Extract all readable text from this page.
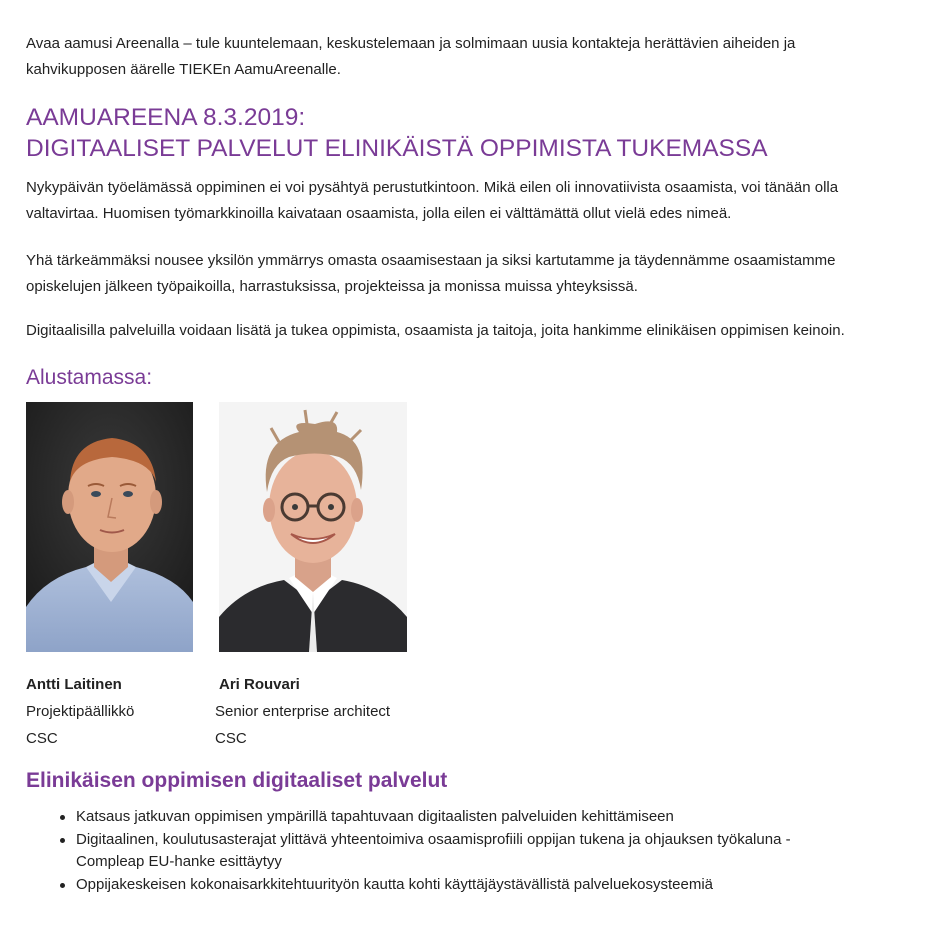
Avaa aamusi Areenalla – tule kuuntelemaan, keskustelemaan ja solmimaan uusia kontakteja herättävien aiheiden ja
kahvikupposen äärelle TIEKEn AamuAreenalle.

AAMUAREENA 8.3.2019:
DIGITAALISET PALVELUT ELINIKÄISTÄ OPPIMISTA TUKEMASSA

Nykypäivän työelämässä oppiminen ei voi pysähtyä perustutkintoon. Mikä eilen oli innovatiivista osaamista, voi tänään olla
valtavirtaa. Huomisen työmarkkinoilla kaivataan osaamista, jolla eilen ei välttämättä ollut vielä edes nimeä.

Yhä tärkeämmäksi nousee yksilön ymmärrys omasta osaamisestaan ja siksi kartutamme ja täydennämme osaamistamme
opiskelujen jälkeen työpaikoilla, harrastuksissa, projekteissa ja monissa muissa yhteyksissä.

Digitaalisilla palveluilla voidaan lisätä ja tukea oppimista, osaamista ja taitoja, joita hankimme elinikäisen oppimisen keinoin.

Alustamassa:

Antti Laitinen

Projektipäällikkö

CSC

Ari Rouvari

Senior enterprise architect

CSC

Elinikäisen oppimisen digitaaliset palvelut
Katsaus jatkuvan oppimisen ympärillä tapahtuvaan digitaalisten palveluiden kehittämiseen
Digitaalinen, koulutusasterajat ylittävä yhteentoimiva osaamisprofiili oppijan tukena ja ohjauksen työkaluna -
Compleap EU-hanke esittäytyy
Oppijakeskeisen kokonaisarkkitehtuurityön kautta kohti käyttäjäystävällistä palveluekosysteemiä
